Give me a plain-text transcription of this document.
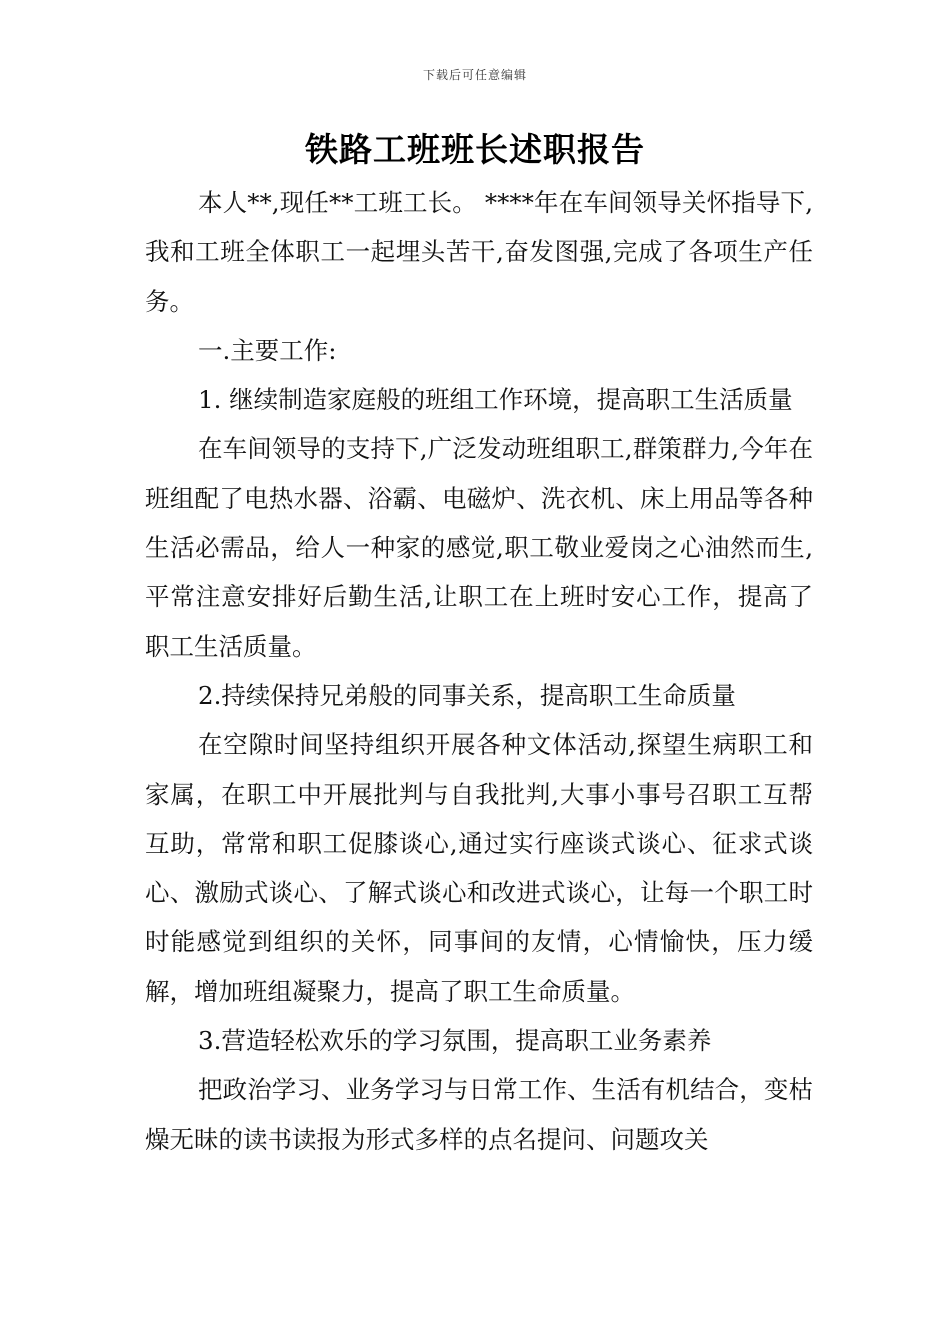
下载后可任意编辑
铁路工班班长述职报告

本人**,现任**工班工长。 ****年在车间领导关怀指导下,我和工班全体职工一起埋头苦干,奋发图强,完成了各项生产任务。

一.主要工作:

1. 继续制造家庭般的班组工作环境，提高职工生活质量

在车间领导的支持下,广泛发动班组职工,群策群力,今年在班组配了电热水器、浴霸、电磁炉、洗衣机、床上用品等各种生活必需品，给人一种家的感觉,职工敬业爱岗之心油然而生,平常注意安排好后勤生活,让职工在上班时安心工作，提高了职工生活质量。

2.持续保持兄弟般的同事关系，提高职工生命质量

在空隙时间坚持组织开展各种文体活动,探望生病职工和家属，在职工中开展批判与自我批判,大事小事号召职工互帮互助，常常和职工促膝谈心,通过实行座谈式谈心、征求式谈心、激励式谈心、了解式谈心和改进式谈心，让每一个职工时时能感觉到组织的关怀，同事间的友情，心情愉快，压力缓解，增加班组凝聚力，提高了职工生命质量。

3.营造轻松欢乐的学习氛围，提高职工业务素养

把政治学习、业务学习与日常工作、生活有机结合，变枯燥无昧的读书读报为形式多样的点名提问、问题攻关
